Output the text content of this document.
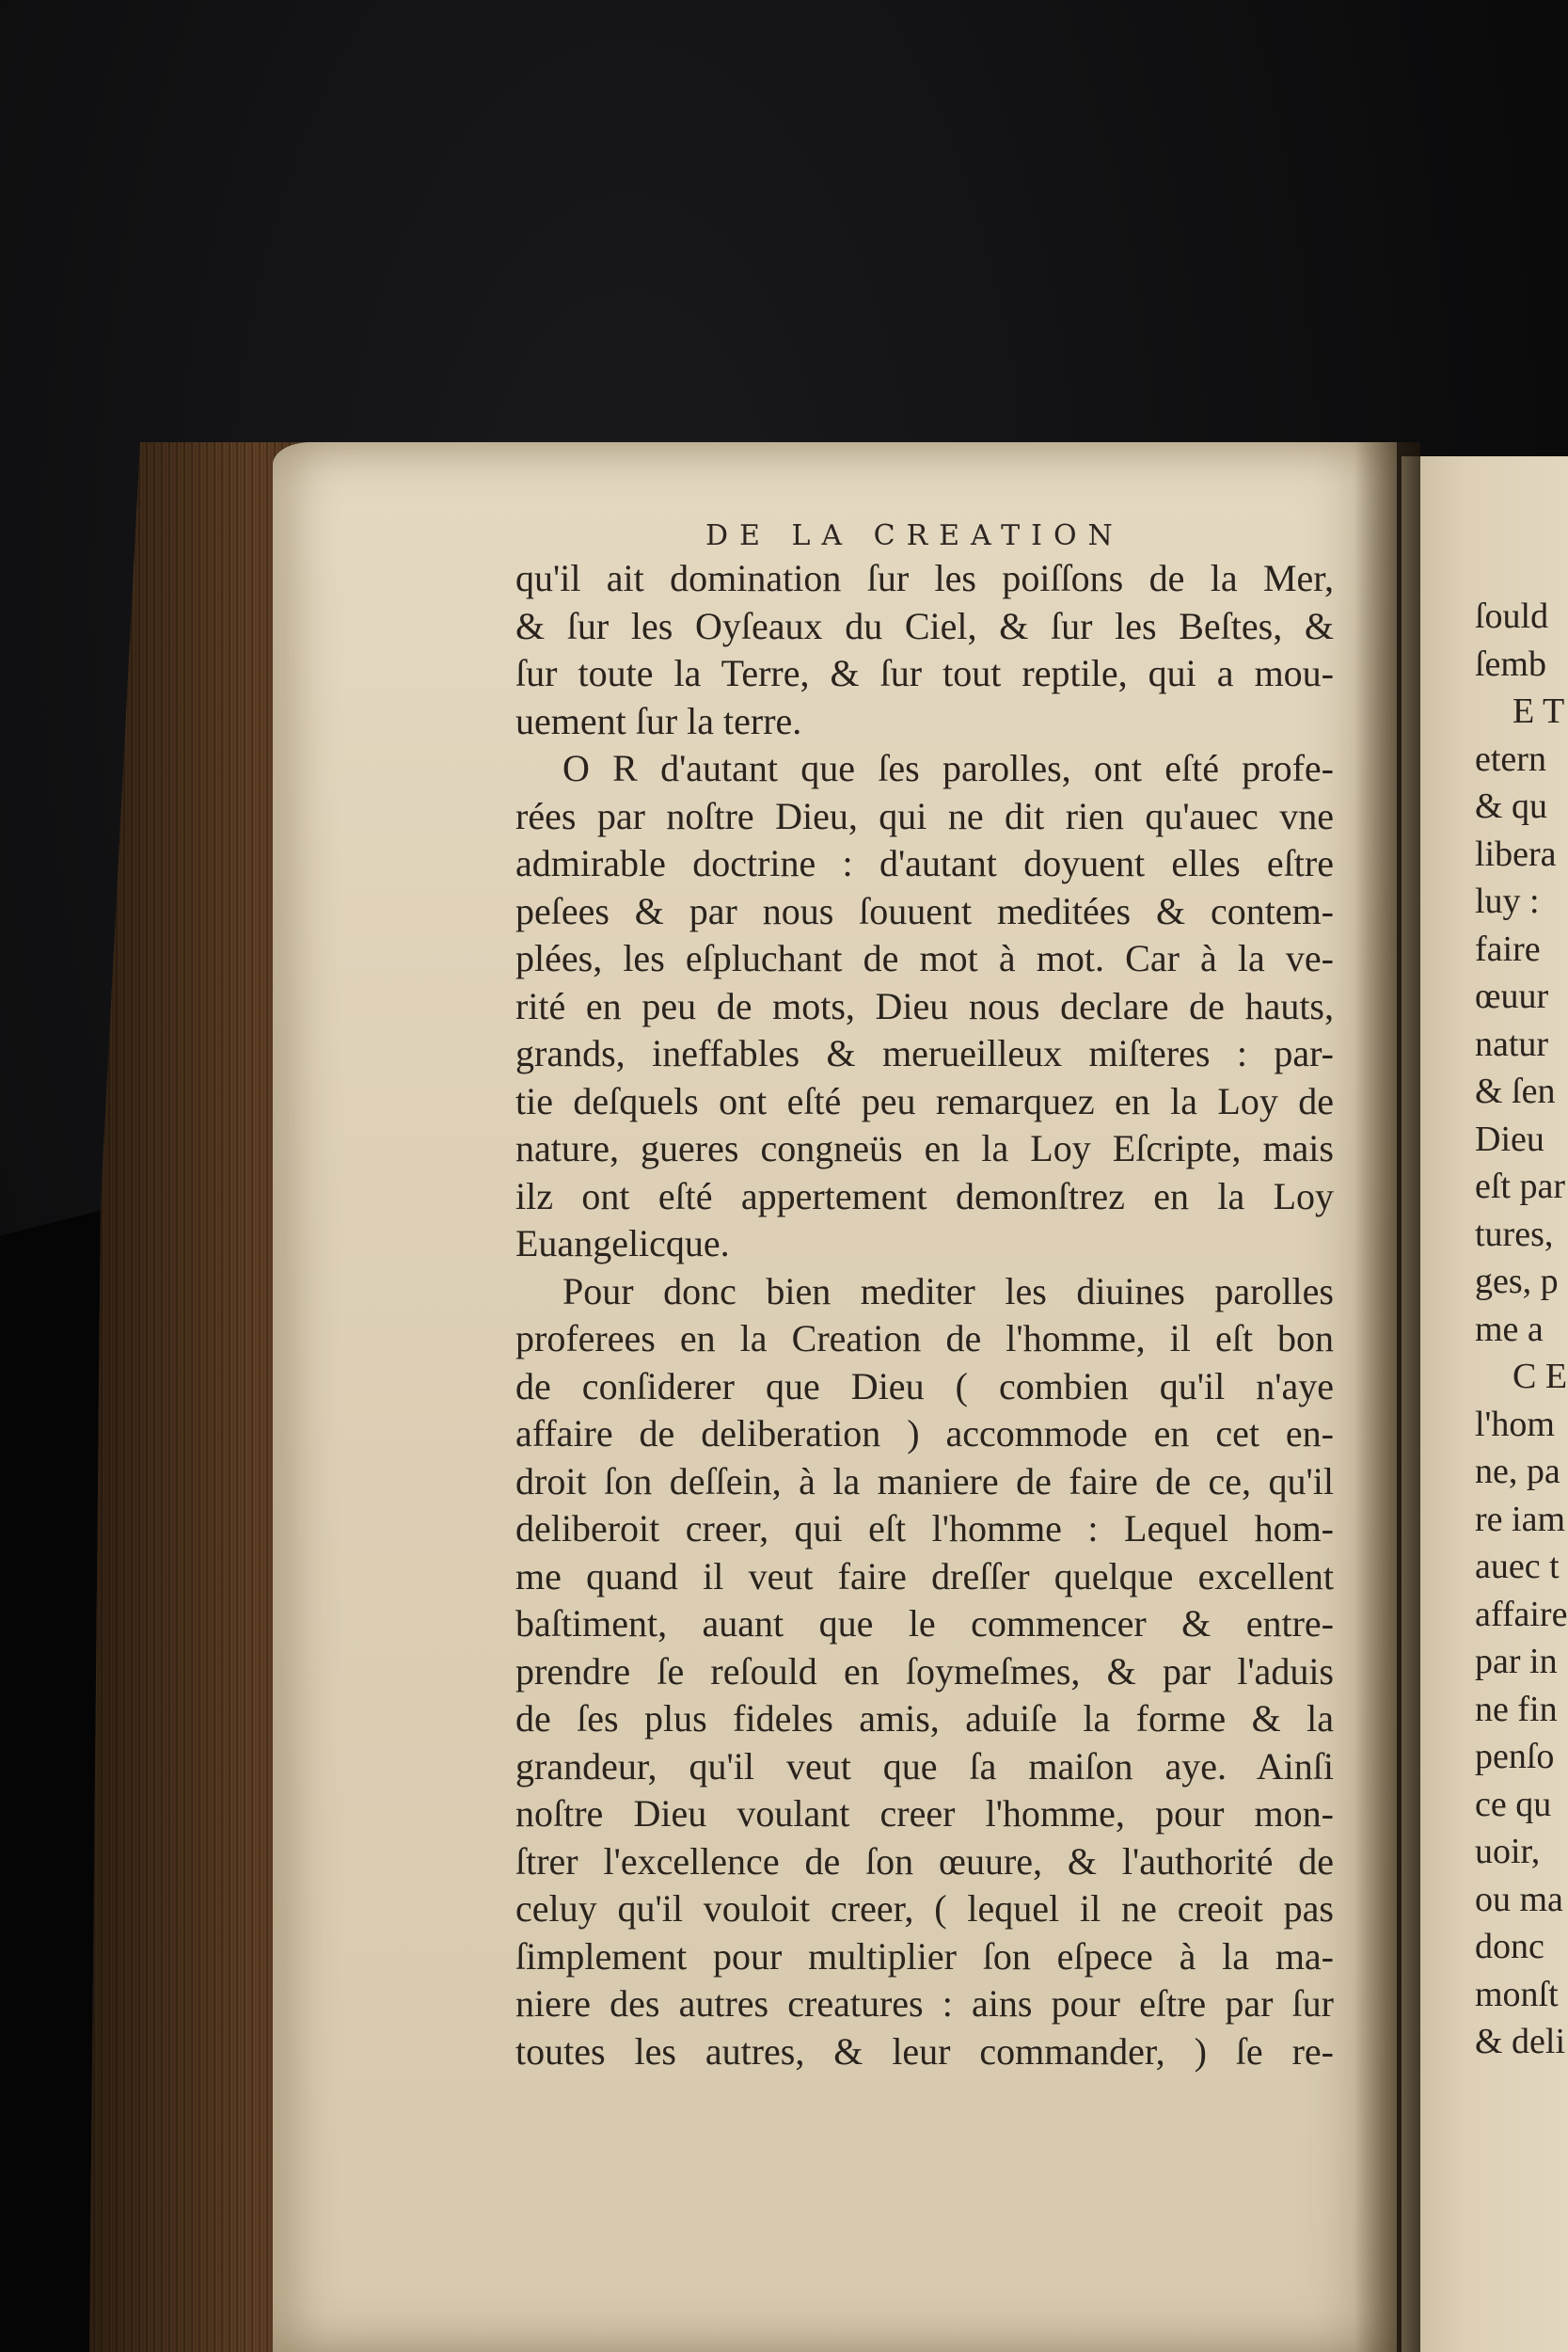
DE LA CREATION
qu'il ait domination ſur les poiſſons de la Mer,
& ſur les Oyſeaux du Ciel, & ſur les Beſtes, &
ſur toute la Terre, & ſur tout reptile, qui a mou-
uement ſur la terre.
O R d'autant que ſes parolles, ont eſté profe-
rées par noſtre Dieu, qui ne dit rien qu'auec vne
admirable doctrine : d'autant doyuent elles eſtre
peſees & par nous ſouuent meditées & contem-
plées, les eſpluchant de mot à mot. Car à la ve-
rité en peu de mots, Dieu nous declare de hauts,
grands, ineffables & merueilleux miſteres : par-
tie deſquels ont eſté peu remarquez en la Loy de
nature, gueres congneüs en la Loy Eſcripte, mais
ilz ont eſté appertement demonſtrez en la Loy
Euangelicque.
Pour donc bien mediter les diuines parolles
proferees en la Creation de l'homme, il eſt bon
de conſiderer que Dieu ( combien qu'il n'aye
affaire de deliberation ) accommode en cet en-
droit ſon deſſein, à la maniere de faire de ce, qu'il
deliberoit creer, qui eſt l'homme : Lequel hom-
me quand il veut faire dreſſer quelque excellent
baſtiment, auant que le commencer & entre-
prendre ſe reſould en ſoymeſmes, & par l'aduis
de ſes plus fideles amis, aduiſe la forme & la
grandeur, qu'il veut que ſa maiſon aye. Ainſi
noſtre Dieu voulant creer l'homme, pour mon-
ſtrer l'excellence de ſon œuure, & l'authorité de
celuy qu'il vouloit creer, ( lequel il ne creoit pas
ſimplement pour multiplier ſon eſpece à la ma-
niere des autres creatures : ains pour eſtre par ſur
toutes les autres, & leur commander, ) ſe re-
ſould
ſemb
E T
etern
& qu
libera
luy :
faire
œuur
natur
& ſen
Dieu
eſt par
tures,
ges, p
me a
C E
l'hom
ne, pa
re iam
auec t
affaire
par in
ne fin
penſo
ce qu
uoir,
ou ma
donc
monſt
& deli
